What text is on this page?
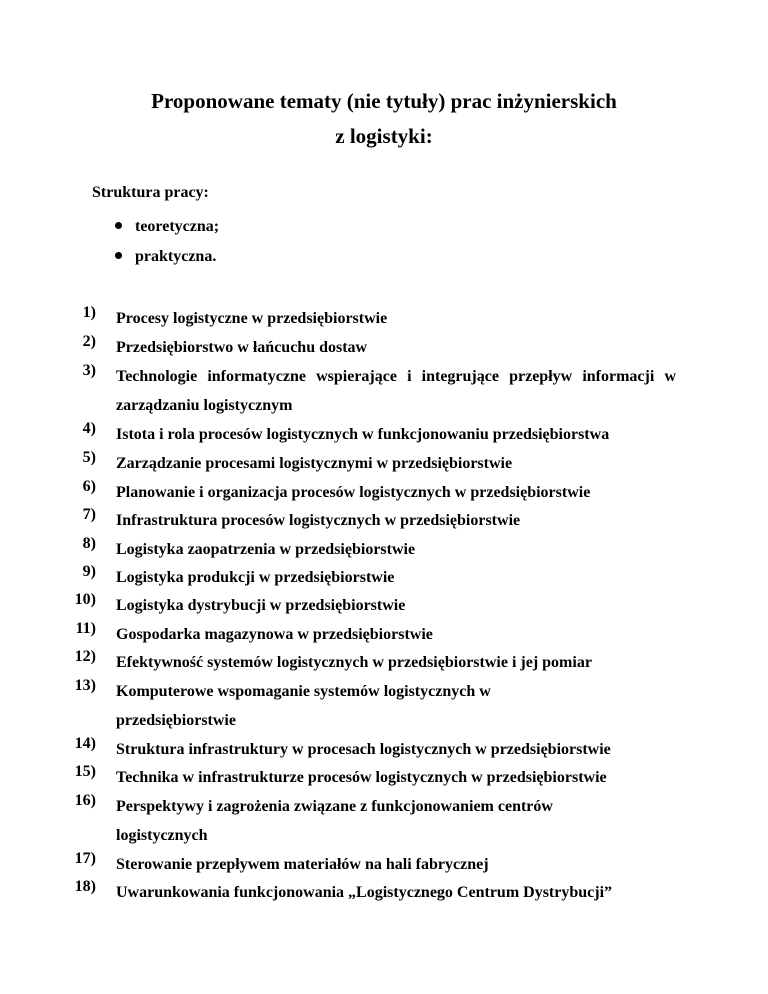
Proponowane tematy (nie tytuły) prac inżynierskich
z logistyki:

Struktura pracy:

teoretyczna;
praktyczna.
1) Procesy logistyczne w przedsiębiorstwie
2) Przedsiębiorstwo w łańcuchu dostaw
3) Technologie informatyczne wspierające i integrujące przepływ informacji w zarządzaniu logistycznym
4) Istota i rola procesów logistycznych w funkcjonowaniu przedsiębiorstwa
5) Zarządzanie procesami logistycznymi w przedsiębiorstwie
6) Planowanie i organizacja procesów logistycznych w przedsiębiorstwie
7) Infrastruktura procesów logistycznych w przedsiębiorstwie
8) Logistyka zaopatrzenia w przedsiębiorstwie
9) Logistyka produkcji w przedsiębiorstwie
10) Logistyka dystrybucji w przedsiębiorstwie
11) Gospodarka magazynowa w przedsiębiorstwie
12) Efektywność systemów logistycznych w przedsiębiorstwie i jej pomiar
13) Komputerowe wspomaganie systemów logistycznych w przedsiębiorstwie
14) Struktura infrastruktury w procesach logistycznych w przedsiębiorstwie
15) Technika w infrastrukturze procesów logistycznych w przedsiębiorstwie
16) Perspektywy i zagrożenia związane z funkcjonowaniem centrów logistycznych
17) Sterowanie przepływem materiałów na hali fabrycznej
18) Uwarunkowania funkcjonowania „Logistycznego Centrum Dystrybucji”
